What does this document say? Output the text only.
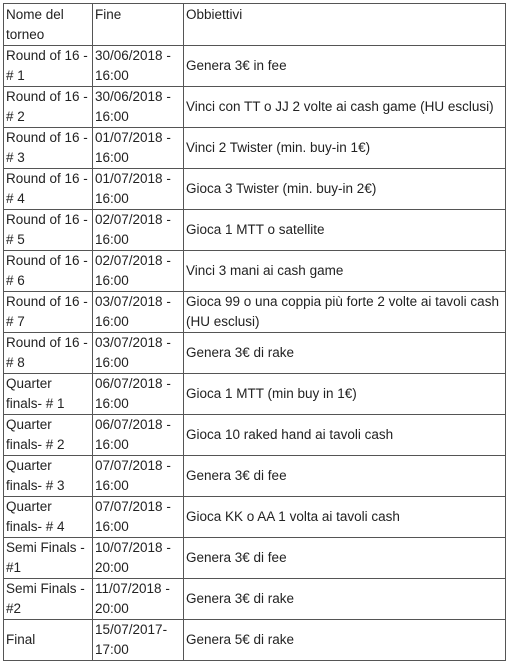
Nome del torneo	Fine	Obbiettivi
Round of 16 - # 1	30/06/2018 - 16:00	Genera 3€ in fee
Round of 16 - # 2	30/06/2018 - 16:00	Vinci con TT o JJ 2 volte ai cash game (HU esclusi)
Round of 16 - # 3	01/07/2018 - 16:00	Vinci 2 Twister (min. buy-in 1€)
Round of 16 - # 4	01/07/2018 - 16:00	Gioca 3 Twister (min. buy-in 2€)
Round of 16 - # 5	02/07/2018 - 16:00	Gioca 1 MTT o satellite
Round of 16 - # 6	02/07/2018 - 16:00	Vinci 3 mani ai cash game
Round of 16 - # 7	03/07/2018 - 16:00	Gioca 99 o una coppia più forte 2 volte ai tavoli cash (HU esclusi)
Round of 16 - # 8	03/07/2018 - 16:00	Genera 3€ di rake
Quarter finals- # 1	06/07/2018 - 16:00	Gioca 1 MTT (min buy in 1€)
Quarter finals- # 2	06/07/2018 - 16:00	Gioca 10 raked hand ai tavoli cash
Quarter finals- # 3	07/07/2018 - 16:00	Genera 3€ di fee
Quarter finals- # 4	07/07/2018 - 16:00	Gioca KK o AA 1 volta ai tavoli cash
Semi Finals - #1	10/07/2018 - 20:00	Genera 3€ di fee
Semi Finals - #2	11/07/2018 - 20:00	Genera 3€ di rake
Final	15/07/2017- 17:00	Genera 5€ di rake
